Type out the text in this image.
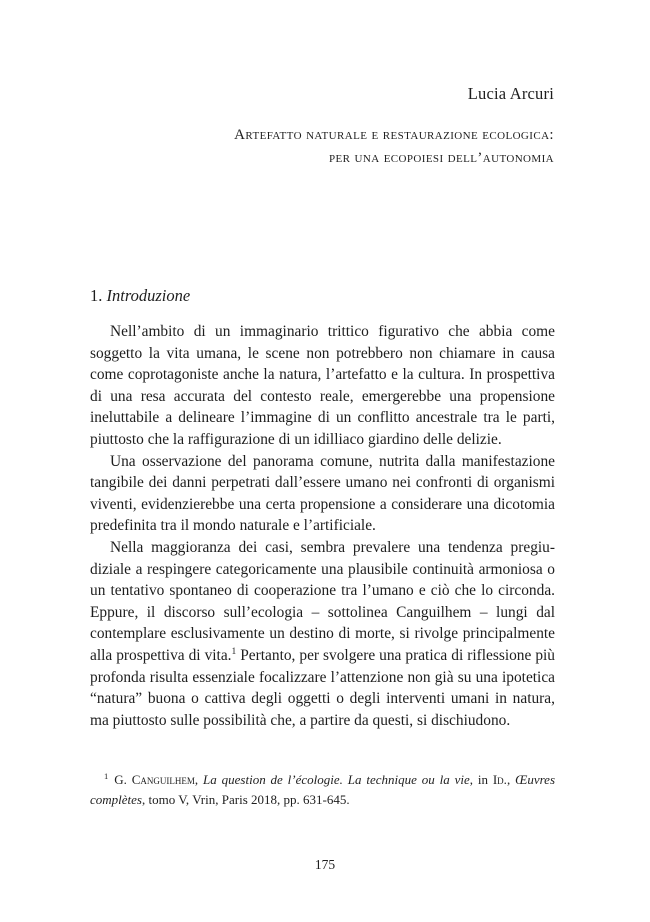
Lucia Arcuri
Artefatto naturale e restaurazione ecologica:
per una ecopoiesi dell’autonomia
1. Introduzione

Nell’ambito di un immaginario trittico figurativo che abbia come soggetto la vita umana, le scene non potrebbero non chiamare in causa come coprotagoniste anche la natura, l’artefatto e la cultura. In prospettiva di una resa accurata del contesto reale, emergerebbe una propensione ineluttabile a delineare l’immagine di un conflitto ancestrale tra le parti, piuttosto che la raffigurazione di un idilliaco giardino delle delizie.

Una osservazione del panorama comune, nutrita dalla manifestazione tangibile dei danni perpetrati dall’essere umano nei confronti di organismi viventi, evidenzierebbe una certa propensione a considerare una dicotomia predefinita tra il mondo naturale e l’artificiale.

Nella maggioranza dei casi, sembra prevalere una tendenza pregiudiziale a respingere categoricamente una plausibile continuità armoniosa o un tentativo spontaneo di cooperazione tra l’umano e ciò che lo circonda. Eppure, il discorso sull’ecologia – sottolinea Canguilhem – lungi dal contemplare esclusivamente un destino di morte, si rivolge principalmente alla prospettiva di vita.$^1$ Pertanto, per svolgere una pratica di riflessione più profonda risulta essenziale focalizzare l’attenzione non già su una ipotetica “natura” buona o cattiva degli oggetti o degli interventi umani in natura, ma piuttosto sulle possibilità che, a partire da questi, si dischiudono.

$^1$ G. Canguilhem, La question de l’écologie. La technique ou la vie, in Id., Œuvres complètes, tomo V, Vrin, Paris 2018, pp. 631-645.
175
